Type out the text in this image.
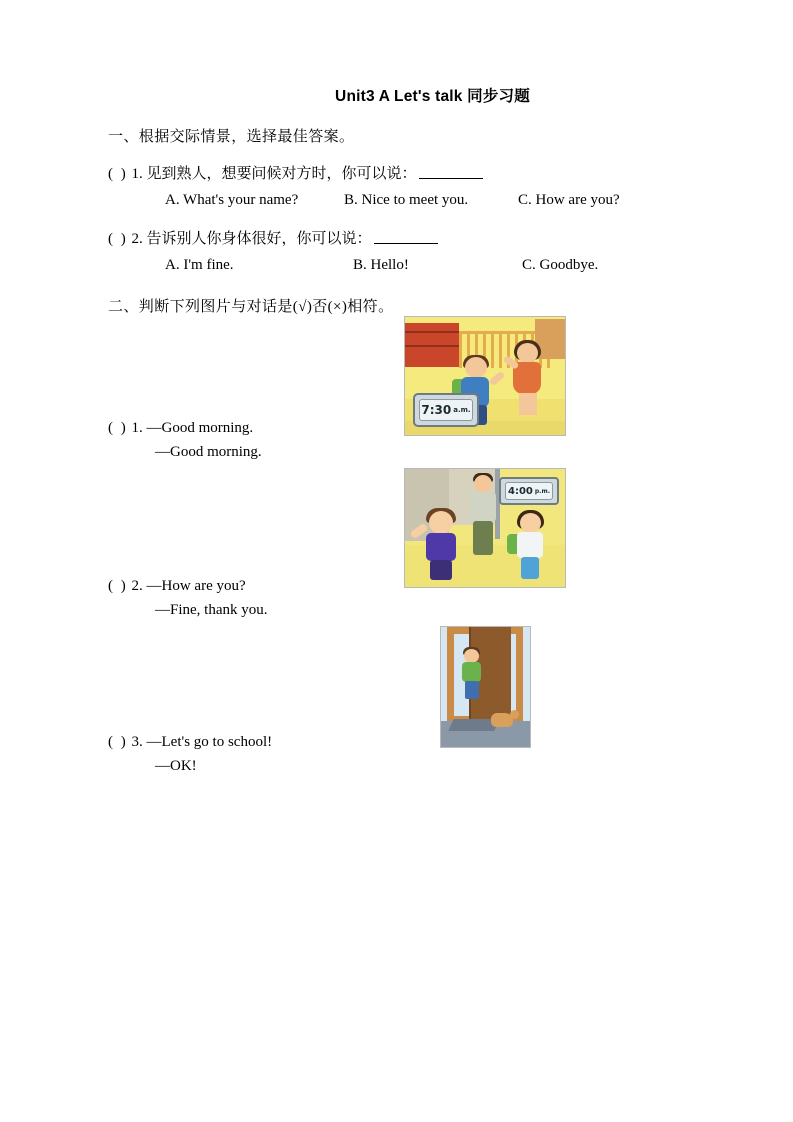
Unit3 A Let's talk 同步习题
一、根据交际情景，选择最佳答案。
( ) 1. 见到熟人，想要问候对方时，你可以说：
A. What's your name?	B. Nice to meet you.	C. How are you?
( ) 2. 告诉别人你身体很好，你可以说：
A. I'm fine.	B. Hello!	C. Goodbye.
二、判断下列图片与对话是(√)否(×)相符。
7:30 a.m.
4:00 p.m.
( ) 1. —Good morning.
—Good morning.
( ) 2. —How are you?
—Fine, thank you.
( ) 3. —Let's go to school!
—OK!
